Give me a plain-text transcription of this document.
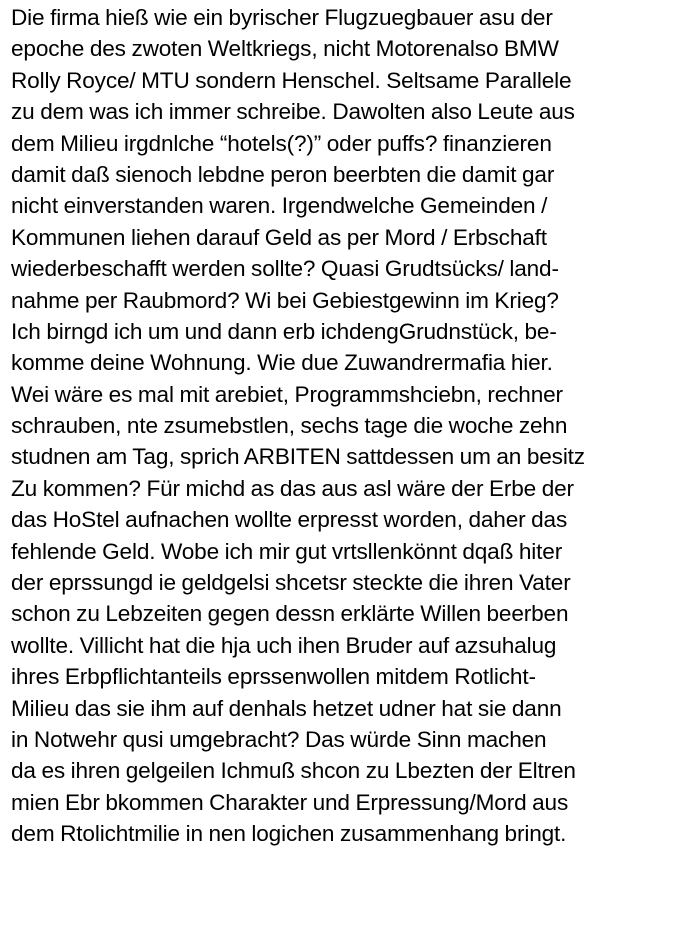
Die firma hieß wie ein byrischer Flugzuegbauer asu der
epoche des zwoten Weltkriegs, nicht Motorenalso BMW
Rolly Royce/ MTU sondern Henschel. Seltsame Parallele
zu dem was ich immer schreibe. Dawolten also Leute aus
dem Milieu irgdnlche “hotels(?)” oder puffs? finanzieren
damit daß sienoch lebdne peron beerbten die damit gar
nicht einverstanden waren. Irgendwelche Gemeinden /
Kommunen liehen darauf Geld as per Mord / Erbschaft
wiederbeschafft werden sollte? Quasi Grudtsücks/ land-
nahme per Raubmord? Wi bei Gebiestgewinn im Krieg?
Ich birngd ich um und dann erb ichdengGrudnstück, be-
komme deine Wohnung. Wie due Zuwandrermafia hier.
Wei wäre es mal mit arebiet, Programmshciebn, rechner
schrauben, nte zsumebstlen, sechs tage die woche zehn
studnen am Tag, sprich ARBITEN sattdessen um an besitz
Zu kommen? Für michd as das aus asl wäre der Erbe der
das HoStel aufnachen wollte erpresst worden, daher das
fehlende Geld. Wobe ich mir gut vrtsllenkönnt dqaß hiter
der eprssungd ie geldgelsi shcetsr steckte die ihren Vater
schon zu Lebzeiten gegen dessn erklärte Willen beerben
wollte. Villicht hat die hja uch ihen Bruder auf azsuhalug
ihres Erbpflichtanteils eprssenwollen mitdem Rotlicht-
Milieu das sie ihm auf denhals hetzet udner hat sie dann
in Notwehr qusi umgebracht? Das würde Sinn machen
da es ihren gelgeilen Ichmuß shcon zu Lbezten der Eltren
mien Ebr bkommen Charakter und Erpressung/Mord aus
dem Rtolichtmilie in nen logichen zusammenhang bringt.
